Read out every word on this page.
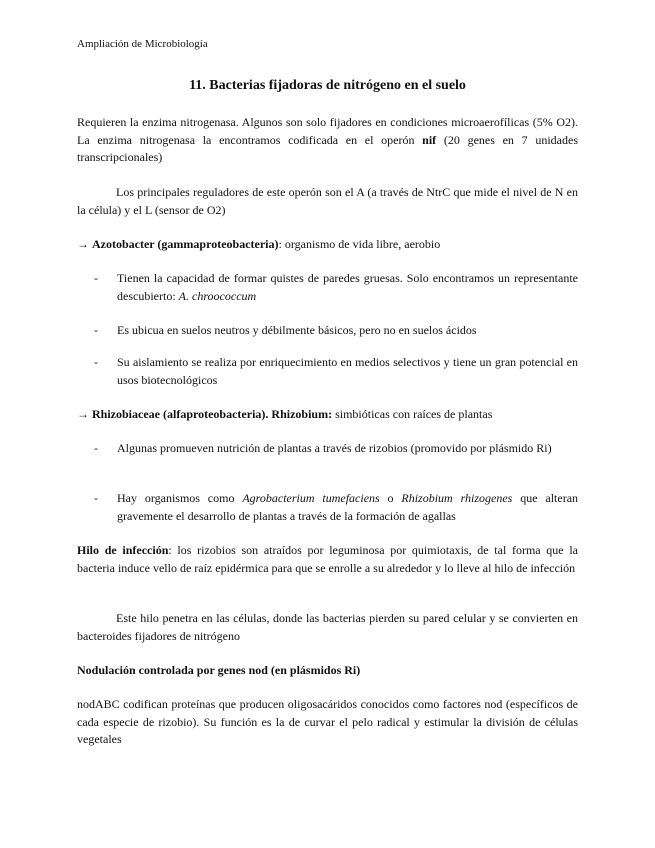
Ampliación de Microbiología
11. Bacterias fijadoras de nitrógeno en el suelo

Requieren la enzima nitrogenasa. Algunos son solo fijadores en condiciones microaerofílicas (5% O2). La enzima nitrogenasa la encontramos codificada en el operón nif (20 genes en 7 unidades transcripcionales)

Los principales reguladores de este operón son el A (a través de NtrC que mide el nivel de N en la célula) y el L (sensor de O2)

→ Azotobacter (gammaproteobacteria): organismo de vida libre, aerobio

- Tienen la capacidad de formar quistes de paredes gruesas. Solo encontramos un representante descubierto: A. chroococcum
- Es ubicua en suelos neutros y débilmente básicos, pero no en suelos ácidos
- Su aislamiento se realiza por enriquecimiento en medios selectivos y tiene un gran potencial en usos biotecnológicos

→ Rhizobiaceae (alfaproteobacteria). Rhizobium: simbióticas con raíces de plantas

- Algunas promueven nutrición de plantas a través de rizobios (promovido por plásmido Ri)
- Hay organismos como Agrobacterium tumefaciens o Rhizobium rhizogenes que alteran gravemente el desarrollo de plantas a través de la formación de agallas

Hilo de infección: los rizobios son atraídos por leguminosa por quimiotaxis, de tal forma que la bacteria induce vello de raíz epidérmica para que se enrolle a su alrededor y lo lleve al hilo de infección

Este hilo penetra en las células, donde las bacterias pierden su pared celular y se convierten en bacteroides fijadores de nitrógeno

Nodulación controlada por genes nod (en plásmidos Ri)

nodABC codifican proteínas que producen oligosacáridos conocidos como factores nod (específicos de cada especie de rizobio). Su función es la de curvar el pelo radical y estimular la división de células vegetales
